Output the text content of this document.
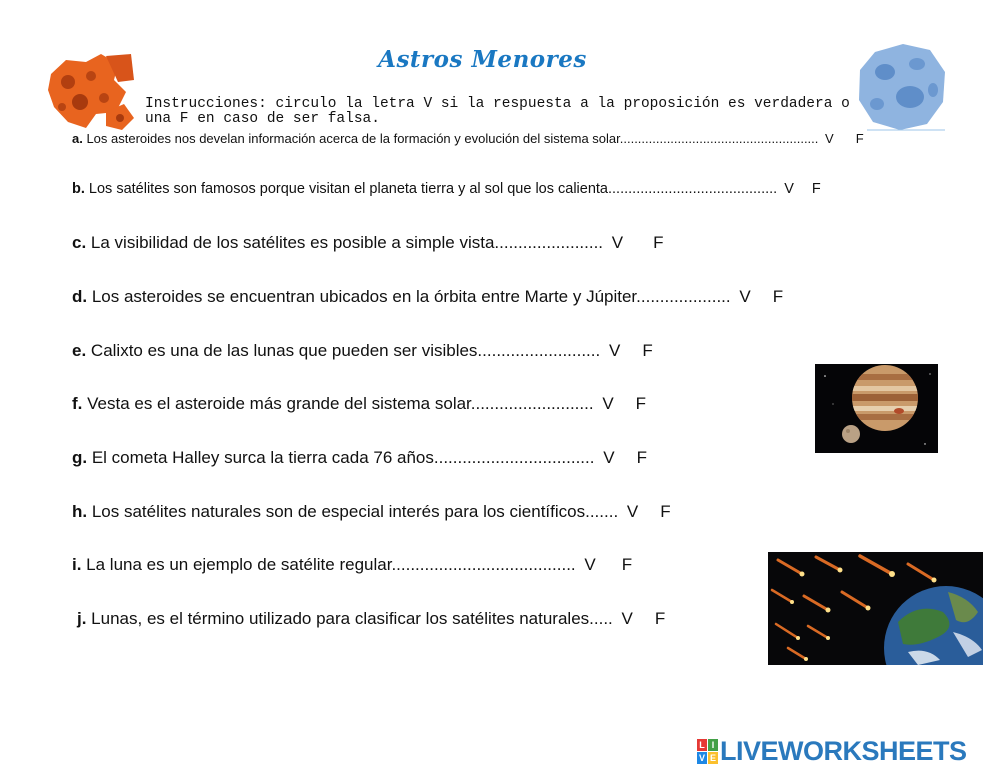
Astros Menores
Instrucciones: circulo la letra V si la respuesta a la proposición es verdadera o
una F en caso de ser falsa.
a. Los asteroides nos develan información acerca de la formación y evolución del sistema solar....................................................... V F
b. Los satélites son famosos porque visitan el planeta tierra y al sol que los calienta.......................................... V F
c. La visibilidad de los satélites es posible a simple vista....................... V F
d. Los asteroides se encuentran ubicados en la órbita entre Marte y Júpiter.................... V F
e. Calixto es una de las lunas que pueden ser visibles.......................... V F
f. Vesta es el asteroide más grande del sistema solar.......................... V F
g. El cometa Halley surca la tierra cada 76 años.................................. V F
h. Los satélites naturales son de especial interés para los científicos....... V F
i. La luna es un ejemplo de satélite regular....................................... V F
j. Lunas, es el término utilizado para clasificar los satélites naturales..... V F
L I
V E LIVEWORKSHEETS
